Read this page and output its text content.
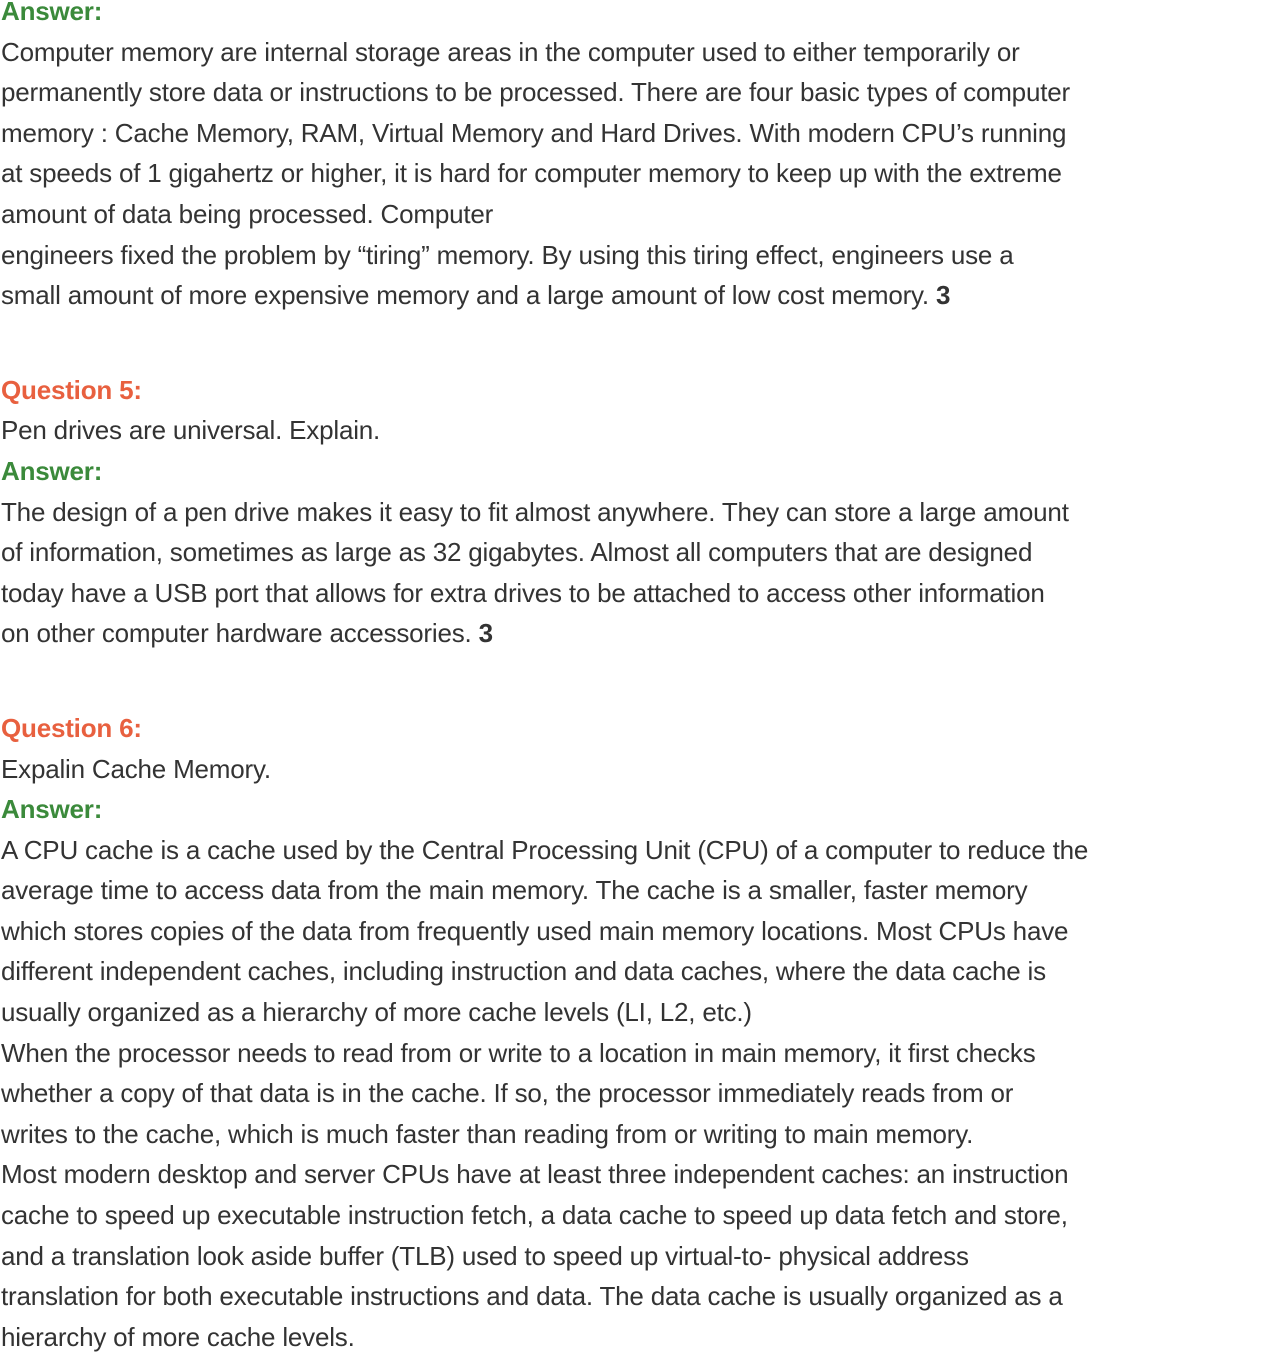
Answer:
Computer memory are internal storage areas in the computer used to either temporarily or
permanently store data or instructions to be processed. There are four basic types of computer
memory : Cache Memory, RAM, Virtual Memory and Hard Drives. With modern CPU’s running
at speeds of 1 gigahertz or higher, it is hard for computer memory to keep up with the extreme
amount of data being processed. Computer
engineers fixed the problem by “tiring” memory. By using this tiring effect, engineers use a
small amount of more expensive memory and a large amount of low cost memory. 3
Question 5:
Pen drives are universal. Explain.
Answer:
The design of a pen drive makes it easy to fit almost anywhere. They can store a large amount
of information, sometimes as large as 32 gigabytes. Almost all computers that are designed
today have a USB port that allows for extra drives to be attached to access other information
on other computer hardware accessories. 3
Question 6:
Expalin Cache Memory.
Answer:
A CPU cache is a cache used by the Central Processing Unit (CPU) of a computer to reduce the
average time to access data from the main memory. The cache is a smaller, faster memory
which stores copies of the data from frequently used main memory locations. Most CPUs have
different independent caches, including instruction and data caches, where the data cache is
usually organized as a hierarchy of more cache levels (LI, L2, etc.)
When the processor needs to read from or write to a location in main memory, it first checks
whether a copy of that data is in the cache. If so, the processor immediately reads from or
writes to the cache, which is much faster than reading from or writing to main memory.
Most modern desktop and server CPUs have at least three independent caches: an instruction
cache to speed up executable instruction fetch, a data cache to speed up data fetch and store,
and a translation look aside buffer (TLB) used to speed up virtual-to- physical address
translation for both executable instructions and data. The data cache is usually organized as a
hierarchy of more cache levels.
